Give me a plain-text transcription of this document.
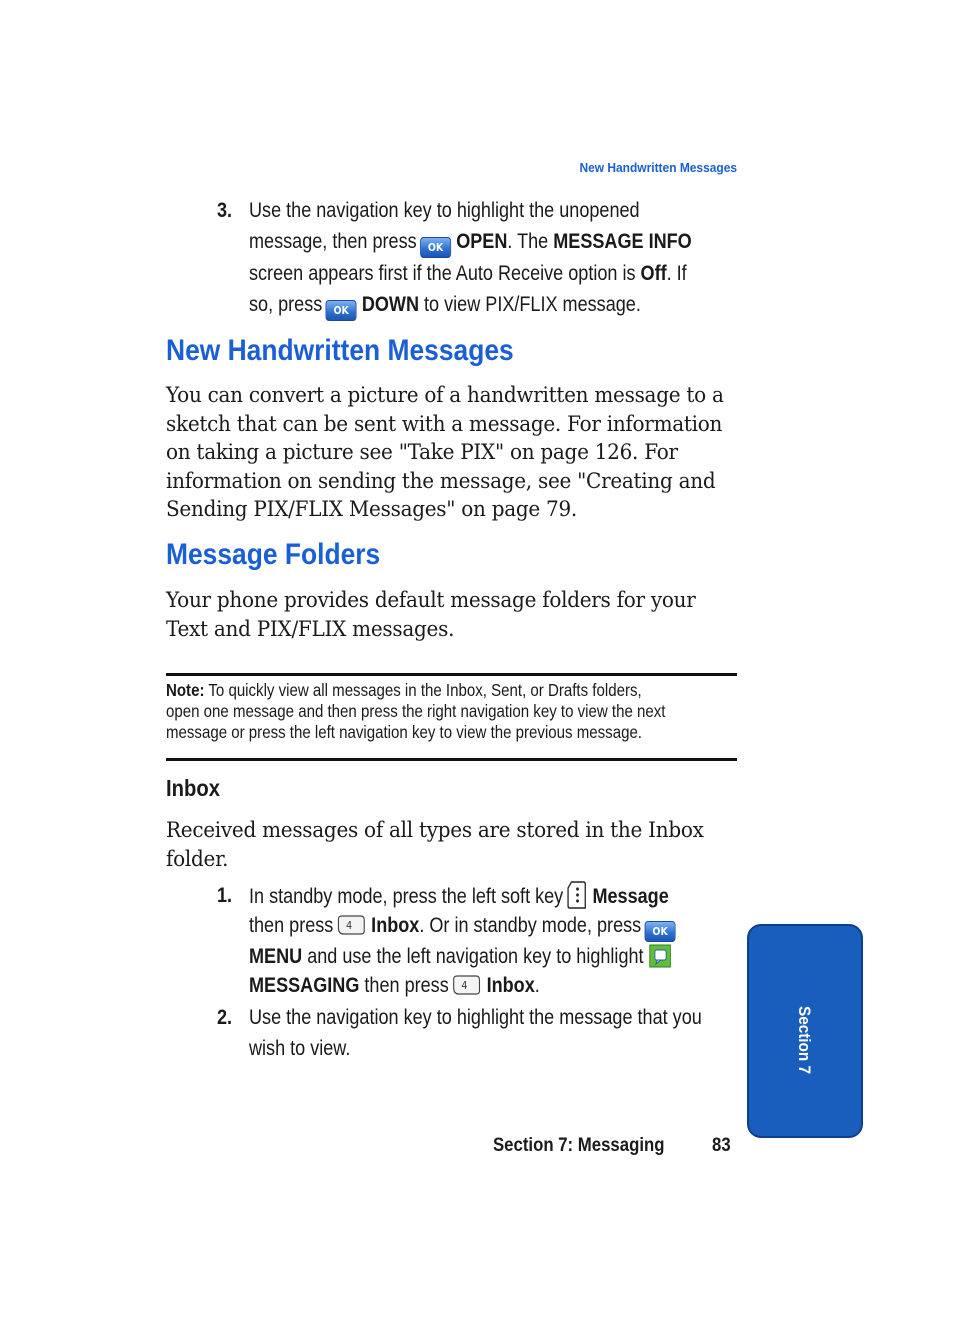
New Handwritten Messages
3. Use the navigation key to highlight the unopened
message, then press OK OPEN. The MESSAGE INFO
screen appears first if the Auto Receive option is Off. If
so, press OK DOWN to view PIX/FLIX message.
New Handwritten Messages
You can convert a picture of a handwritten message to a
sketch that can be sent with a message. For information
on taking a picture see "Take PIX" on page 126. For
information on sending the message, see "Creating and
Sending PIX/FLIX Messages" on page 79.
Message Folders
Your phone provides default message folders for your
Text and PIX/FLIX messages.
Note: To quickly view all messages in the Inbox, Sent, or Drafts folders,
open one message and then press the right navigation key to view the next
message or press the left navigation key to view the previous message.
Inbox
Received messages of all types are stored in the Inbox
folder.
1. In standby mode, press the left soft key Message
then press 4 Inbox. Or in standby mode, press OK
MENU and use the left navigation key to highlight
MESSAGING then press 4 Inbox.
2. Use the navigation key to highlight the message that you
wish to view.	Section 7
Section 7: Messaging 83
